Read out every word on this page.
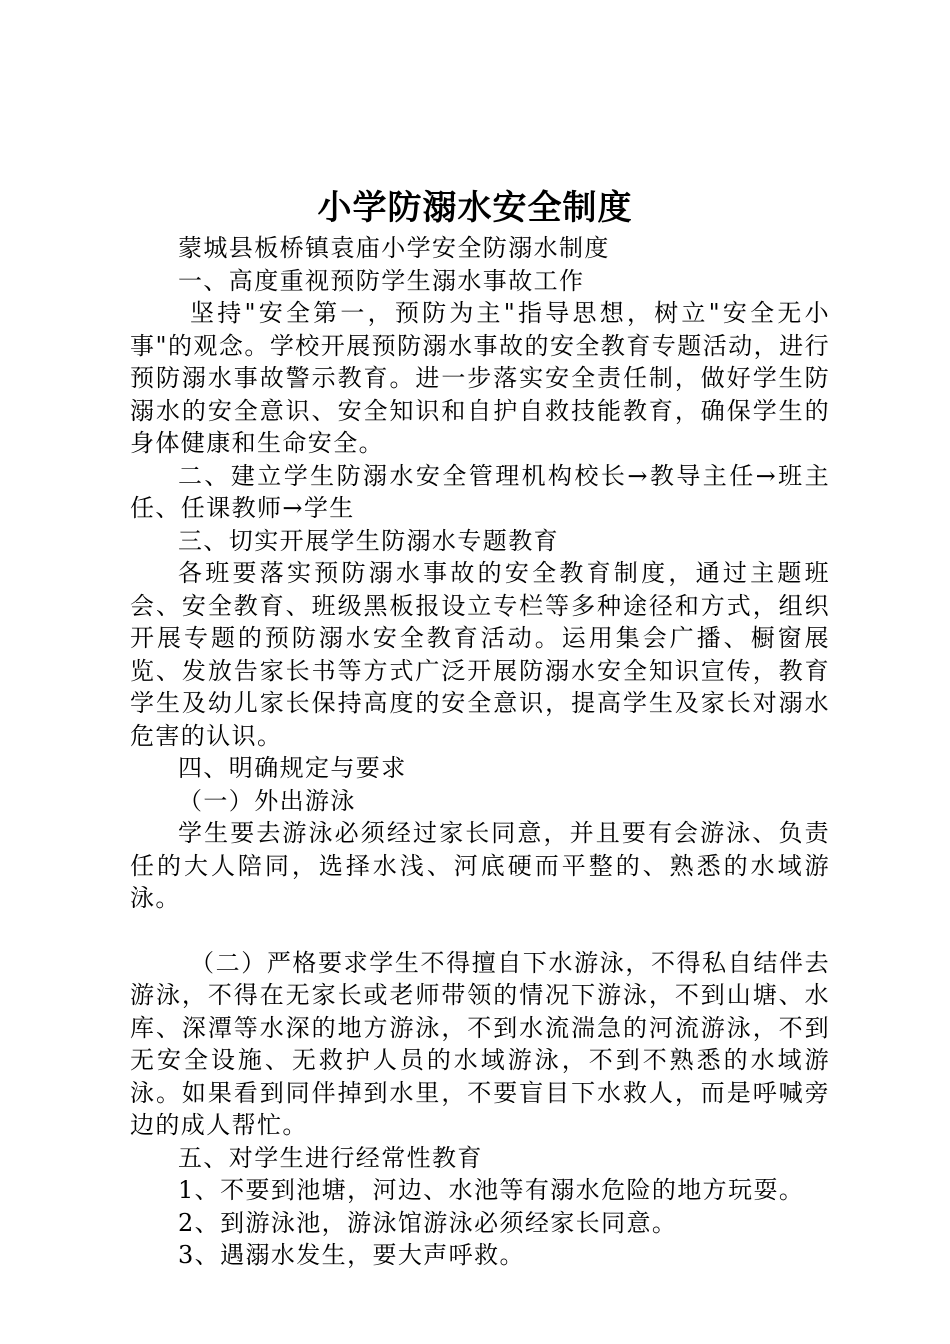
小学防溺水安全制度

蒙城县板桥镇袁庙小学安全防溺水制度

一、高度重视预防学生溺水事故工作

坚持"安全第一，预防为主"指导思想，树立"安全无小事"的观念。学校开展预防溺水事故的安全教育专题活动，进行预防溺水事故警示教育。进一步落实安全责任制，做好学生防溺水的安全意识、安全知识和自护自救技能教育，确保学生的身体健康和生命安全。

二、建立学生防溺水安全管理机构校长→教导主任→班主任、任课教师→学生

三、切实开展学生防溺水专题教育

各班要落实预防溺水事故的安全教育制度，通过主题班会、安全教育、班级黑板报设立专栏等多种途径和方式，组织开展专题的预防溺水安全教育活动。运用集会广播、橱窗展览、发放告家长书等方式广泛开展防溺水安全知识宣传，教育学生及幼儿家长保持高度的安全意识，提高学生及家长对溺水危害的认识。

四、明确规定与要求

（一）外出游泳

学生要去游泳必须经过家长同意，并且要有会游泳、负责任的大人陪同，选择水浅、河底硬而平整的、熟悉的水域游泳。

（二）严格要求学生不得擅自下水游泳，不得私自结伴去游泳，不得在无家长或老师带领的情况下游泳，不到山塘、水库、深潭等水深的地方游泳，不到水流湍急的河流游泳，不到无安全设施、无救护人员的水域游泳，不到不熟悉的水域游泳。如果看到同伴掉到水里，不要盲目下水救人，而是呼喊旁边的成人帮忙。

五、对学生进行经常性教育

1、不要到池塘，河边、水池等有溺水危险的地方玩耍。

2、到游泳池，游泳馆游泳必须经家长同意。

3、遇溺水发生，要大声呼救。
